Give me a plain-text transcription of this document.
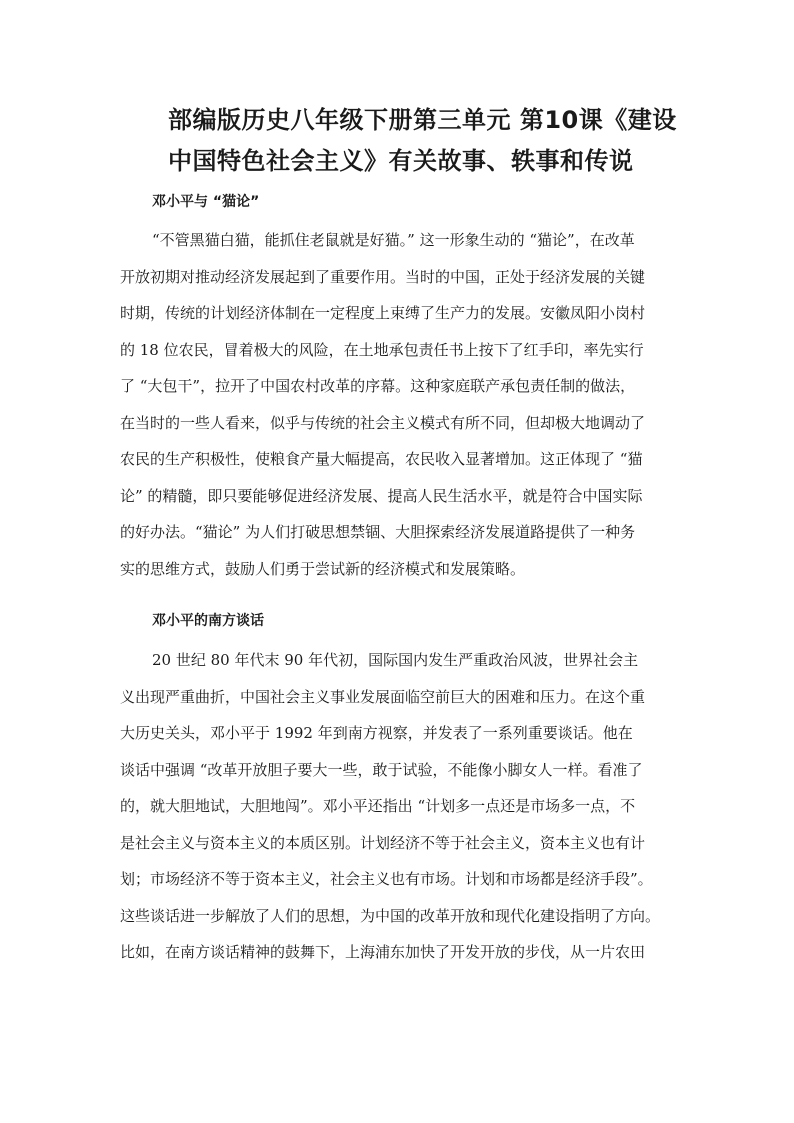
部编版历史八年级下册第三单元 第10课《建设
中国特色社会主义》有关故事、轶事和传说
邓小平与 “猫论”
“不管黑猫白猫，能抓住老鼠就是好猫。” 这一形象生动的 “猫论”，在改革
开放初期对推动经济发展起到了重要作用。当时的中国，正处于经济发展的关键
时期，传统的计划经济体制在一定程度上束缚了生产力的发展。安徽凤阳小岗村
的 18 位农民，冒着极大的风险，在土地承包责任书上按下了红手印，率先实行
了 “大包干”，拉开了中国农村改革的序幕。这种家庭联产承包责任制的做法，
在当时的一些人看来，似乎与传统的社会主义模式有所不同，但却极大地调动了
农民的生产积极性，使粮食产量大幅提高，农民收入显著增加。这正体现了 “猫
论” 的精髓，即只要能够促进经济发展、提高人民生活水平，就是符合中国实际
的好办法。“猫论” 为人们打破思想禁锢、大胆探索经济发展道路提供了一种务
实的思维方式，鼓励人们勇于尝试新的经济模式和发展策略。
邓小平的南方谈话
20 世纪 80 年代末 90 年代初，国际国内发生严重政治风波，世界社会主
义出现严重曲折，中国社会主义事业发展面临空前巨大的困难和压力。在这个重
大历史关头，邓小平于 1992 年到南方视察，并发表了一系列重要谈话。他在
谈话中强调 “改革开放胆子要大一些，敢于试验，不能像小脚女人一样。看准了
的，就大胆地试，大胆地闯”。邓小平还指出 “计划多一点还是市场多一点，不
是社会主义与资本主义的本质区别。计划经济不等于社会主义，资本主义也有计
划；市场经济不等于资本主义，社会主义也有市场。计划和市场都是经济手段”。
这些谈话进一步解放了人们的思想，为中国的改革开放和现代化建设指明了方向。
比如，在南方谈话精神的鼓舞下，上海浦东加快了开发开放的步伐，从一片农田
